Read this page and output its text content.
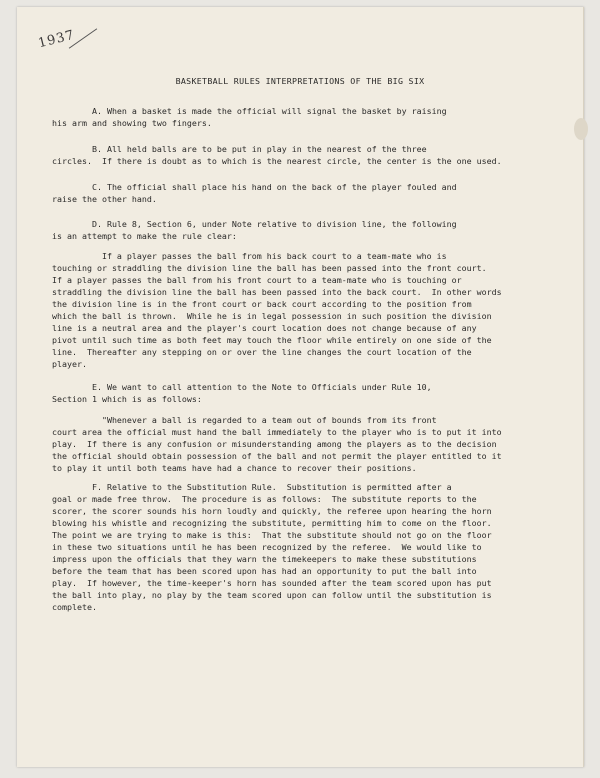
1937
BASKETBALL RULES INTERPRETATIONS OF THE BIG SIX
A. When a basket is made the official will signal the basket by raising
his arm and showing two fingers.
B. All held balls are to be put in play in the nearest of the three
circles.  If there is doubt as to which is the nearest circle, the center is the one used.
C. The official shall place his hand on the back of the player fouled and
raise the other hand.
D. Rule 8, Section 6, under Note relative to division line, the following
is an attempt to make the rule clear:
If a player passes the ball from his back court to a team-mate who is
touching or straddling the division line the ball has been passed into the front court.
If a player passes the ball from his front court to a team-mate who is touching or
straddling the division line the ball has been passed into the back court.  In other words
the division line is in the front court or back court according to the position from
which the ball is thrown.  While he is in legal possession in such position the division
line is a neutral area and the player's court location does not change because of any
pivot until such time as both feet may touch the floor while entirely on one side of the
line.  Thereafter any stepping on or over the line changes the court location of the
player.
E. We want to call attention to the Note to Officials under Rule 10,
Section 1 which is as follows:
"Whenever a ball is regarded to a team out of bounds from its front
court area the official must hand the ball immediately to the player who is to put it into
play.  If there is any confusion or misunderstanding among the players as to the decision
the official should obtain possession of the ball and not permit the player entitled to it
to play it until both teams have had a chance to recover their positions.
F. Relative to the Substitution Rule.  Substitution is permitted after a
goal or made free throw.  The procedure is as follows:  The substitute reports to the
scorer, the scorer sounds his horn loudly and quickly, the referee upon hearing the horn
blowing his whistle and recognizing the substitute, permitting him to come on the floor.
The point we are trying to make is this:  That the substitute should not go on the floor
in these two situations until he has been recognized by the referee.  We would like to
impress upon the officials that they warn the timekeepers to make these substitutions
before the team that has been scored upon has had an opportunity to put the ball into
play.  If however, the time-keeper's horn has sounded after the team scored upon has put
the ball into play, no play by the team scored upon can follow until the substitution is
complete.
